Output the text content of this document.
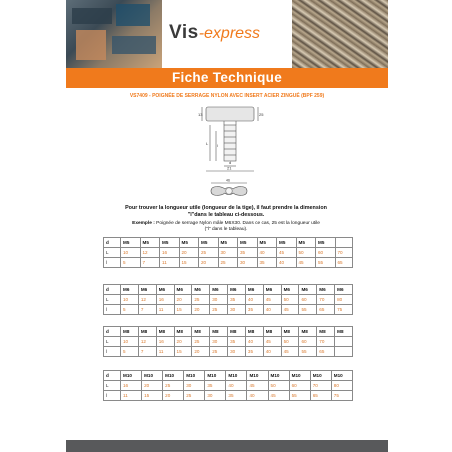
Vis-express
Fiche Technique
VS7409 - POIGNÉE DE SERRAGE NYLON AVEC INSERT ACIER ZINGUÉ (BPF 259)
13	25
L l
d
21
46
Pour trouver la longueur utile (longueur de la tige), il faut prendre la dimension
"l"dans le tableau ci-dessous.
Exemple : Poignée de serrage Nylon mâle M6X30. Dans ce cas, 25 est la longueur utile
("l" dans le tableau).
d	M5	M5	M5	M5	M5	M5	M5	M5	M5	M5	M5	
L	10	12	16	20	25	30	35	40	45	50	60	70
l	5	7	11	15	20	25	30	35	40	45	55	65
d	M6	M6	M6	M6	M6	M6	M6	M6	M6	M6	M6	M6	M6
L	10	12	16	20	25	30	35	40	45	50	60	70	80
l	5	7	11	15	20	25	30	35	40	45	55	65	75
d	M8	M8	M8	M8	M8	M8	M8	M8	M8	M8	M8	M8	M8
L	10	12	16	20	25	30	35	40	45	50	60	70	
l	5	7	11	15	20	25	30	35	40	45	55	65	
d	M10	M10	M10	M10	M10	M10	M10	M10	M10	M10	M10
L	16	20	25	30	35	40	45	50	60	70	80
l	11	15	20	25	30	35	40	45	55	65	75
